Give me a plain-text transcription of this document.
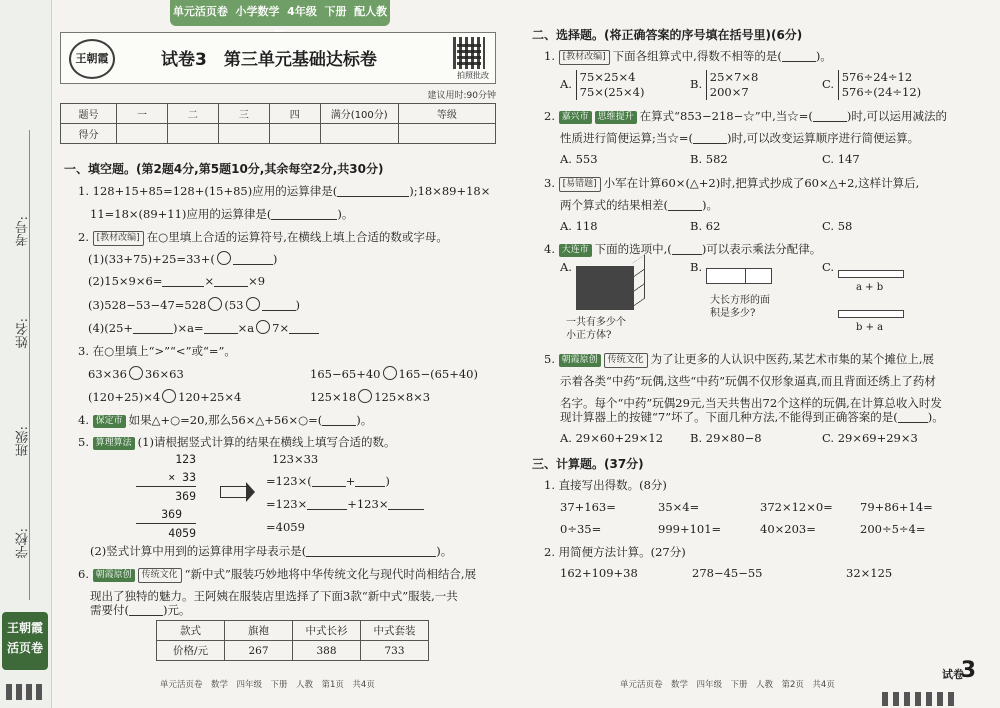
考号:
姓名:
班级:
学校:
王朝霞
活页卷
单元活页卷 小学数学 4年级 下册 配人教
王朝霞	试卷3　第三单元基础达标卷
拍照批改
建议用时:90分钟
题号	一	二	三	四	满分(100分)	等级
得分						
一、填空题。(第2题4分,第5题10分,其余每空2分,共30分)
1. 128+15+85=128+(15+85)应用的运算律是(	);18×89+18×
11=18×(89+11)应用的运算律是(	)。
2. [教材改编] 在○里填上合适的运算符号,在横线上填上合适的数或字母。
(1)(33+75)+25=33+(	)
(2)15×9×6=	×	×9
(3)528−53−47=528 (53	)
(4)(25+	)×a=	×a 7×
3. 在○里填上“>”“<”或“=”。
63×36 36×63	165−65+40 165−(65+40)
(120+25)×4 120+25×4	125×18 125×8×3
4. 保定市 如果△+○=20,那么56×△+56×○=(	)。
5. 算理算法 (1)请根据竖式计算的结果在横线上填写合适的数。
123
× 33
369
369
4059
123×33
=123×(	+	)
=123×	+123×
=4059
(2)竖式计算中用到的运算律用字母表示是(	)。
6. 朝霞原创 传统文化 “新中式”服装巧妙地将中华传统文化与现代时尚相结合,展
现出了独特的魅力。王阿姨在服装店里选择了下面3款“新中式”服装,一共
需要付(	)元。
款式	旗袍	中式长衫	中式套装
价格/元	267	388	733
单元活页卷　数学　四年级　下册　人教　第1页　共4页
二、选择题。(将正确答案的序号填在括号里)(6分)
1. [教材改编] 下面各组算式中,得数不相等的是(	)。
A. 75×25×4
75×(25×4)
B. 25×7×8
200×7
C. 576÷24÷12
576÷(24÷12)
2. 嘉兴市 思维提升 在算式“853−218−☆”中,当☆=(	)时,可以运用减法的
性质进行简便运算;当☆=(	)时,可以改变运算顺序进行简便运算。
A. 553	B. 582	C. 147
3. [易错题] 小军在计算60×(△+2)时,把算式抄成了60×△+2,这样计算后,
两个算式的结果相差(	)。
A. 118	B. 62	C. 58
4. 大连市 下面的选项中,(	)可以表示乘法分配律。
A.
一共有多少个
小正方体?
B.
大长方形的面
积是多少?
C.
a + b
b + a
5. 朝霞原创 传统文化 为了让更多的人认识中医药,某艺术市集的某个摊位上,展
示着各类“中药”玩偶,这些“中药”玩偶不仅形象逼真,而且背面还绣上了药材
名字。每个“中药”玩偶29元,当天共售出72个这样的玩偶,在计算总收入时发
现计算器上的按键“7”坏了。下面几种方法,不能得到正确答案的是(	)。
A. 29×60+29×12 B. 29×80−8	C. 29×69+29×3
三、计算题。(37分)
1. 直接写出得数。(8分)
37+163=	35×4=	372×12×0= 79+86+14=
0÷35=	999+101=	40×203=	200÷5÷4=
2. 用简便方法计算。(27分)
162+109+38	278−45−55	32×125
单元活页卷　数学　四年级　下册　人教　第2页　共4页
试卷
3
